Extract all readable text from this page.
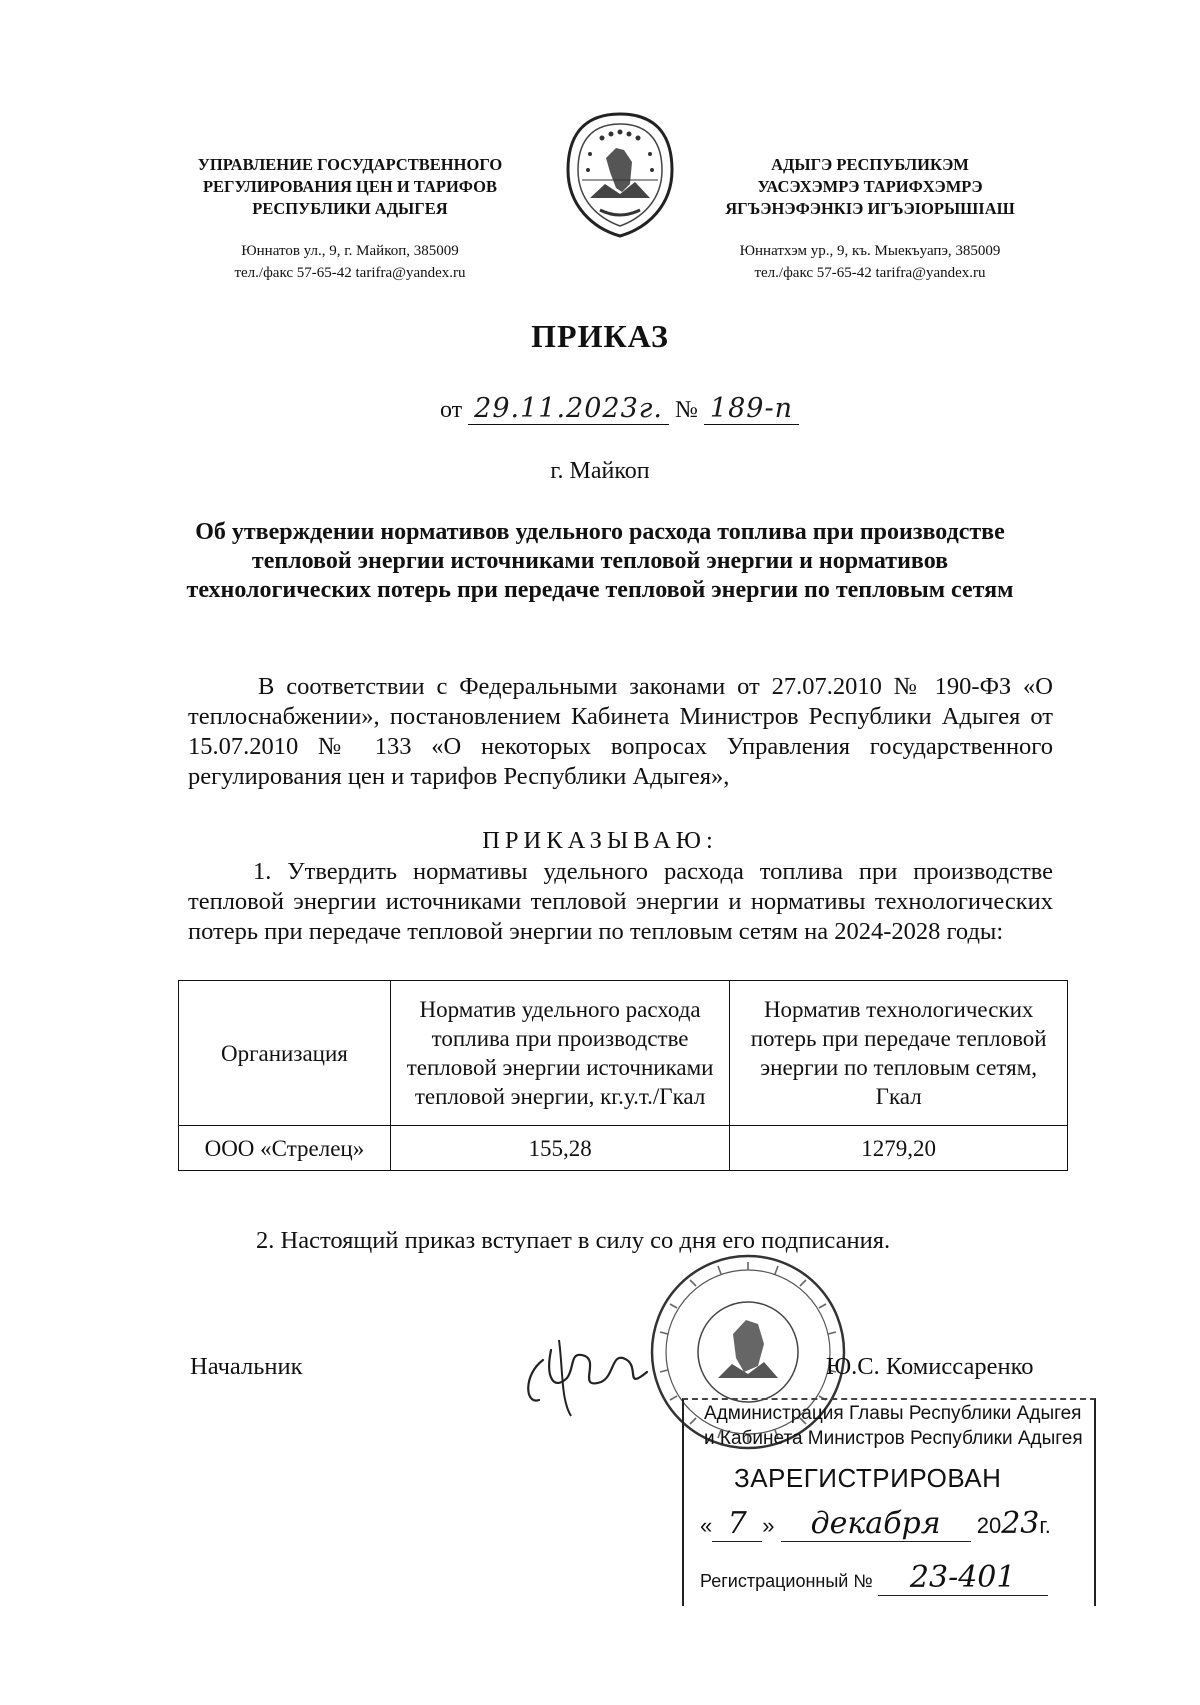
УПРАВЛЕНИЕ ГОСУДАРСТВЕННОГО
РЕГУЛИРОВАНИЯ ЦЕН И ТАРИФОВ
РЕСПУБЛИКИ АДЫГЕЯ
Юннатов ул., 9, г. Майкоп, 385009
тел./факс 57-65-42 tarifra@yandex.ru
АДЫГЭ РЕСПУБЛИКЭМ
УАСЭХЭМРЭ ТАРИФХЭМРЭ
ЯГЪЭНЭФЭНКIЭ ИГЪЭIОРЫШIАШ
Юннатхэм ур., 9, къ. Мыекъуапэ, 385009
тел./факс 57-65-42 tarifra@yandex.ru
ПРИКАЗ
от 29.11.2023г. № 189-п
г. Майкоп
Об утверждении нормативов удельного расхода топлива при производстве тепловой энергии источниками тепловой энергии и нормативов технологических потерь при передаче тепловой энергии по тепловым сетям
В соответствии с Федеральными законами от 27.07.2010 № 190-ФЗ «О теплоснабжении», постановлением Кабинета Министров Республики Адыгея от 15.07.2010 № 133 «О некоторых вопросах Управления государственного регулирования цен и тарифов Республики Адыгея»,
ПРИКАЗЫВАЮ:
1. Утвердить нормативы удельного расхода топлива при производстве тепловой энергии источниками тепловой энергии и нормативы технологических потерь при передаче тепловой энергии по тепловым сетям на 2024-2028 годы:
Организация	Норматив удельного расхода топлива при производстве тепловой энергии источниками тепловой энергии, кг.у.т./Гкал	Норматив технологических потерь при передаче тепловой энергии по тепловым сетям, Гкал
ООО «Стрелец»	155,28	1279,20
2. Настоящий приказ вступает в силу со дня его подписания.
Начальник	Ю.С. Комиссаренко
Администрация Главы Республики Адыгея
и Кабинета Министров Республики Адыгея
ЗАРЕГИСТРИРОВАН
« 7 » декабря 2023г.
Регистрационный № 23-401
